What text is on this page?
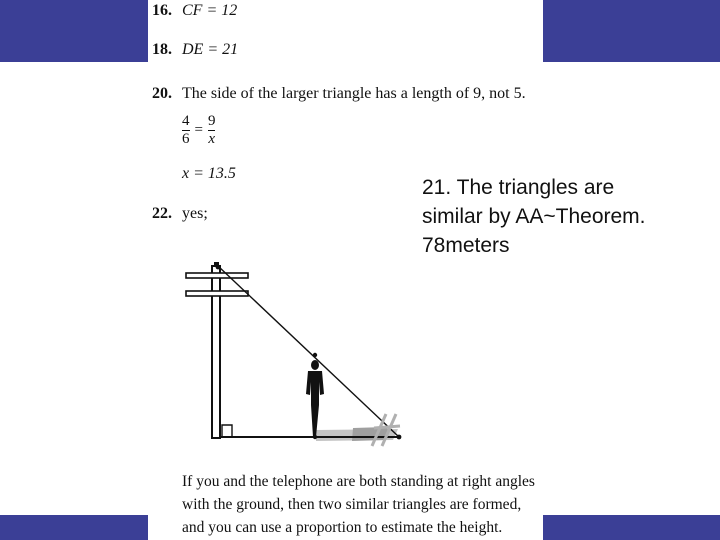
16. CF = 12
18. DE = 21
20. The side of the larger triangle has a length of 9, not 5.
4
6
=
9
x
x = 13.5
22. yes;
If you and the telephone are both standing at right angles with the ground, then two similar triangles are formed, and you can use a proportion to estimate the height.
21. The triangles are
similar by AA~Theorem.
78meters
